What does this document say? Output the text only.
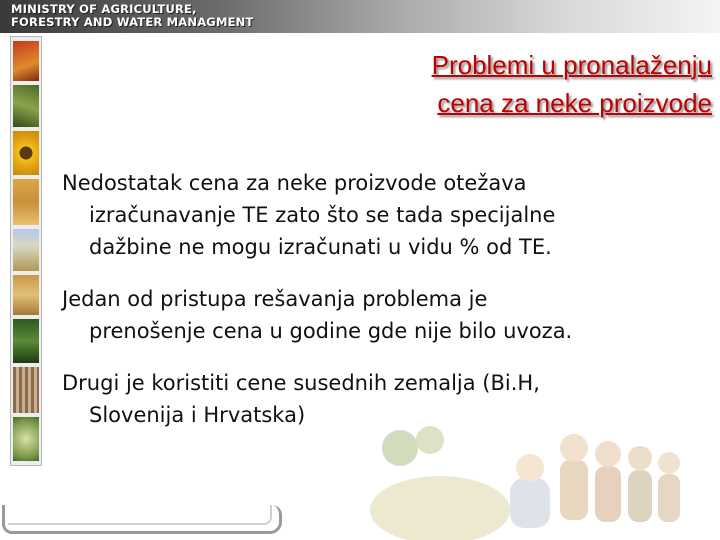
MINISTRY OF AGRICULTURE,
FORESTRY AND WATER MANAGMENT
Problemi u pronalaženju
cena za neke proizvode
Nedostatak cena za neke proizvode otežava
izračunavanje TE zato što se tada specijalne
dažbine ne mogu izračunati u vidu % od TE.
Jedan od pristupa rešavanja problema je
prenošenje cena u godine gde nije bilo uvoza.
Drugi je koristiti cene susednih zemalja (Bi.H,
Slovenija i Hrvatska)
